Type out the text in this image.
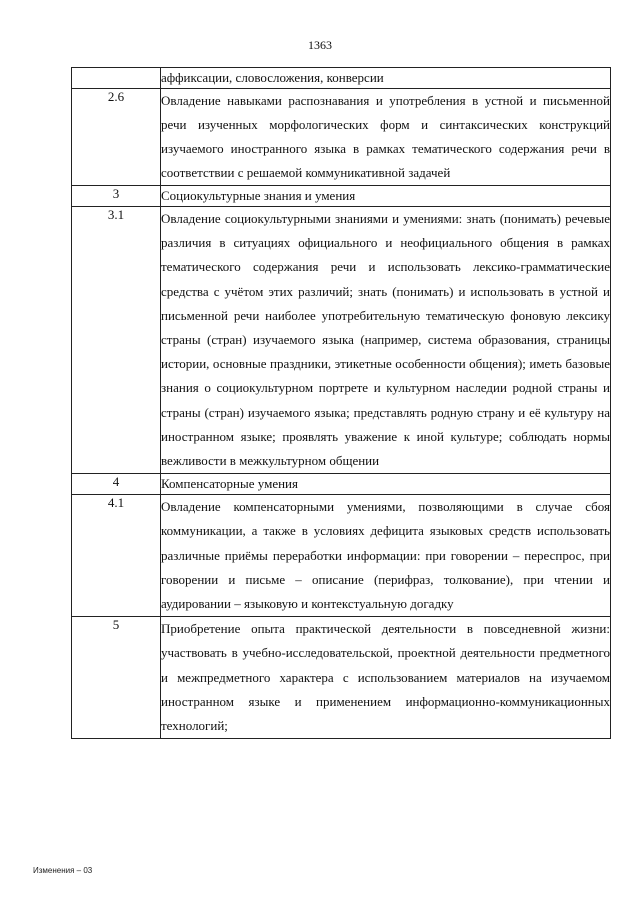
1363

	аффиксации, словосложения, конверсии

2.6	Овладение навыками распознавания и употребления в устной и письменной речи изученных морфологических форм и синтаксических конструкций изучаемого иностранного языка в рамках тематического содержания речи в соответствии с решаемой коммуникативной задачей

3	Социокультурные знания и умения

3.1	Овладение социокультурными знаниями и умениями: знать (понимать) речевые различия в ситуациях официального и неофициального общения в рамках тематического содержания речи и использовать лексико-грамматические средства с учётом этих различий; знать (понимать) и использовать в устной и письменной речи наиболее употребительную тематическую фоновую лексику страны (стран) изучаемого языка (например, система образования, страницы истории, основные праздники, этикетные особенности общения); иметь базовые знания о социокультурном портрете и культурном наследии родной страны и страны (стран) изучаемого языка; представлять родную страну и её культуру на иностранном языке; проявлять уважение к иной культуре; соблюдать нормы вежливости в межкультурном общении

4	Компенсаторные умения

4.1	Овладение компенсаторными умениями, позволяющими в случае сбоя коммуникации, а также в условиях дефицита языковых средств использовать различные приёмы переработки информации: при говорении – переспрос, при говорении и письме – описание (перифраз, толкование), при чтении и аудировании – языковую и контекстуальную догадку

5	Приобретение опыта практической деятельности в повседневной жизни: участвовать в учебно-исследовательской, проектной деятельности предметного и межпредметного характера с использованием материалов на изучаемом иностранном языке и применением информационно-коммуникационных технологий;

Изменения – 03
